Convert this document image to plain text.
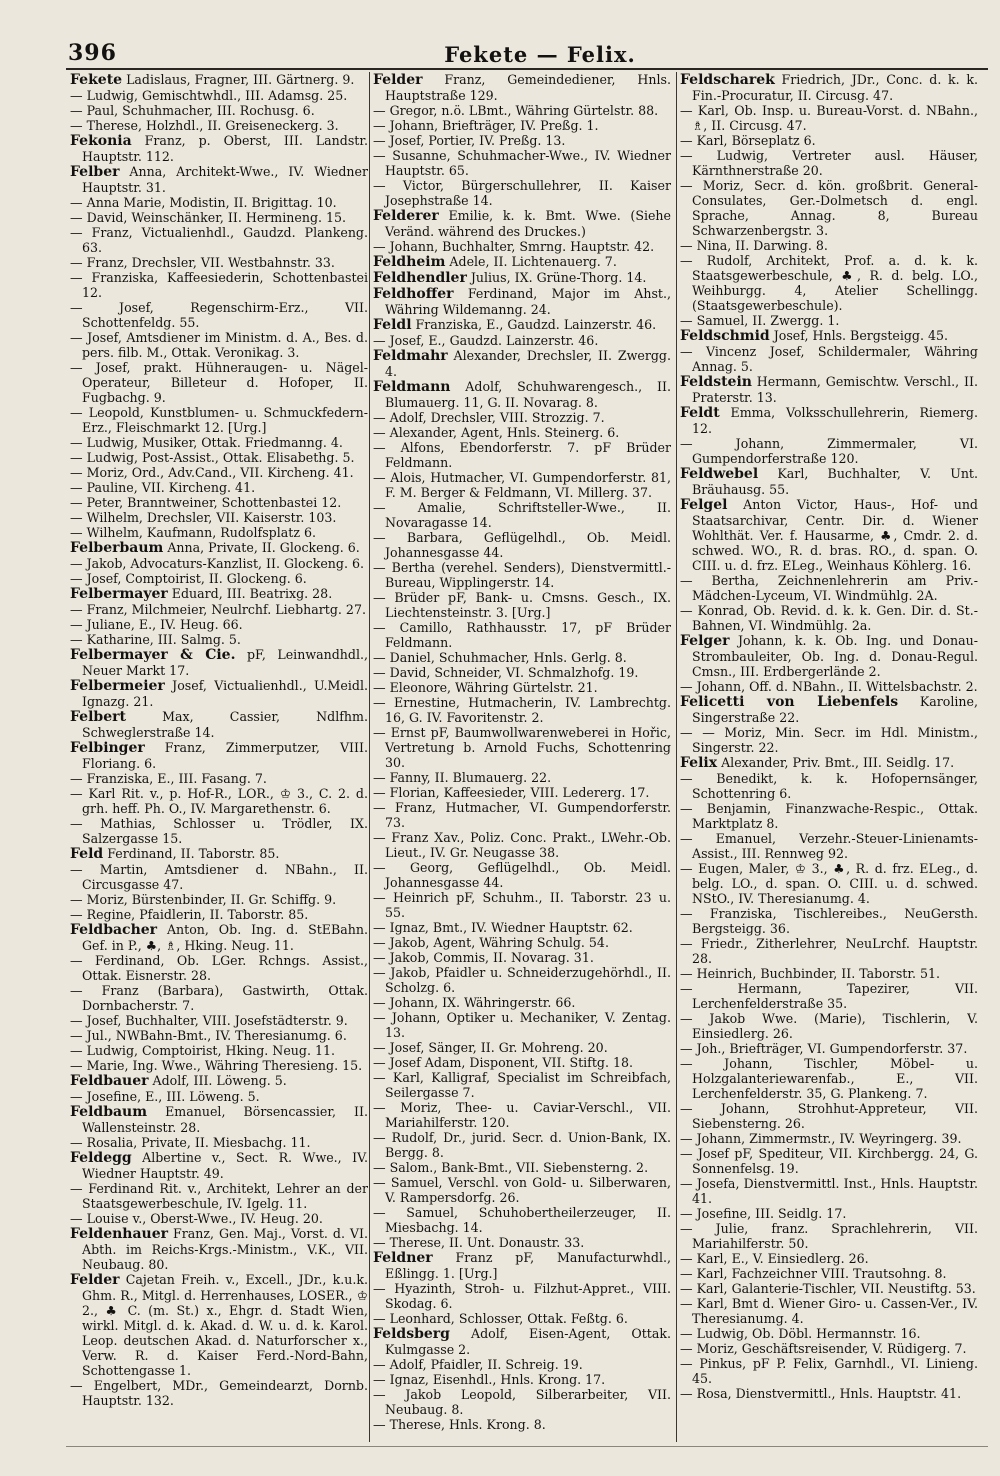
396	Fekete — Felix.
Fekete Ladislaus, Fragner, III. Gärtnerg. 9.
— Ludwig, Gemischtwhdl., III. Adamsg. 25.
— Paul, Schuhmacher, III. Rochusg. 6.
— Therese, Holzhdl., II. Greiseneckerg. 3.
Fekonia Franz, p. Oberst, III. Landstr. Hauptstr. 112.
Felber Anna, Architekt-Wwe., IV. Wiedner Hauptstr. 31.
— Anna Marie, Modistin, II. Brigittag. 10.
— David, Weinschänker, II. Hermineng. 15.
— Franz, Victualienhdl., Gaudzd. Plankeng. 63.
— Franz, Drechsler, VII. Westbahnstr. 33.
— Franziska, Kaffeesiederin, Schottenbastei 12.
— Josef, Regenschirm-Erz., VII. Schottenfeldg. 55.
— Josef, Amtsdiener im Ministm. d. A., Bes. d. pers. filb. M., Ottak. Veronikag. 3.
— Josef, prakt. Hühneraugen- u. Nägel-Operateur, Billeteur d. Hofoper, II. Fugbachg. 9.
— Leopold, Kunstblumen- u. Schmuckfedern-Erz., Fleischmarkt 12. [Urg.]
— Ludwig, Musiker, Ottak. Friedmanng. 4.
— Ludwig, Post-Assist., Ottak. Elisabethg. 5.
— Moriz, Ord., Adv.Cand., VII. Kircheng. 41.
— Pauline, VII. Kircheng. 41.
— Peter, Branntweiner, Schottenbastei 12.
— Wilhelm, Drechsler, VII. Kaiserstr. 103.
— Wilhelm, Kaufmann, Rudolfsplatz 6.
Felberbaum Anna, Private, II. Glockeng. 6.
— Jakob, Advocaturs-Kanzlist, II. Glockeng. 6.
— Josef, Comptoirist, II. Glockeng. 6.
Felbermayer Eduard, III. Beatrixg. 28.
— Franz, Milchmeier, Neulrchf. Liebhartg. 27.
— Juliane, E., IV. Heug. 66.
— Katharine, III. Salmg. 5.
Felbermayer & Cie. pF, Leinwandhdl., Neuer Markt 17.
Felbermeier Josef, Victualienhdl., U.Meidl. Ignazg. 21.
Felbert Max, Cassier, Ndlfhm. Schweglerstraße 14.
Felbinger Franz, Zimmerputzer, VIII. Floriang. 6.
— Franziska, E., III. Fasang. 7.
— Karl Rit. v., p. Hof-R., LOR., ♔ 3., C. 2. d. grh. heff. Ph. O., IV. Margarethenstr. 6.
— Mathias, Schlosser u. Trödler, IX. Salzergasse 15.
Feld Ferdinand, II. Taborstr. 85.
— Martin, Amtsdiener d. NBahn., II. Circusgasse 47.
— Moriz, Bürstenbinder, II. Gr. Schiffg. 9.
— Regine, Pfaidlerin, II. Taborstr. 85.
Feldbacher Anton, Ob. Ing. d. StEBahn. Gef. in P., ♣, ♗, Hking. Neug. 11.
— Ferdinand, Ob. LGer. Rchngs. Assist., Ottak. Eisnerstr. 28.
— Franz (Barbara), Gastwirth, Ottak. Dornbacherstr. 7.
— Josef, Buchhalter, VIII. Josefstädterstr. 9.
— Jul., NWBahn-Bmt., IV. Theresianumg. 6.
— Ludwig, Comptoirist, Hking. Neug. 11.
— Marie, Ing. Wwe., Währing Theresieng. 15.
Feldbauer Adolf, III. Löweng. 5.
— Josefine, E., III. Löweng. 5.
Feldbaum Emanuel, Börsencassier, II. Wallensteinstr. 28.
— Rosalia, Private, II. Miesbachg. 11.
Feldegg Albertine v., Sect. R. Wwe., IV. Wiedner Hauptstr. 49.
— Ferdinand Rit. v., Architekt, Lehrer an der Staatsgewerbeschule, IV. Igelg. 11.
— Louise v., Oberst-Wwe., IV. Heug. 20.
Feldenhauer Franz, Gen. Maj., Vorst. d. VI. Abth. im Reichs-Krgs.-Ministm., V.K., VII. Neubaug. 80.
Felder Cajetan Freih. v., Excell., JDr., k.u.k. Ghm. R., Mitgl. d. Herrenhauses, LOSER., ♔ 2., ♣ C. (m. St.) x., Ehgr. d. Stadt Wien, wirkl. Mitgl. d. k. Akad. d. W. u. d. k. Karol. Leop. deutschen Akad. d. Naturforscher x., Verw. R. d. Kaiser Ferd.-Nord-Bahn, Schottengasse 1.
— Engelbert, MDr., Gemeindearzt, Dornb. Hauptstr. 132.
Felder Franz, Gemeindediener, Hnls. Hauptstraße 129.
— Gregor, n.ö. LBmt., Währing Gürtelstr. 88.
— Johann, Briefträger, IV. Preßg. 1.
— Josef, Portier, IV. Preßg. 13.
— Susanne, Schuhmacher-Wwe., IV. Wiedner Hauptstr. 65.
— Victor, Bürgerschullehrer, II. Kaiser Josephstraße 14.
Felderer Emilie, k. k. Bmt. Wwe. (Siehe Veränd. während des Druckes.)
— Johann, Buchhalter, Smrng. Hauptstr. 42.
Feldheim Adele, II. Lichtenauerg. 7.
Feldhendler Julius, IX. Grüne-Thorg. 14.
Feldhoffer Ferdinand, Major im Ahst., Währing Wildemanng. 24.
Feldl Franziska, E., Gaudzd. Lainzerstr. 46.
— Josef, E., Gaudzd. Lainzerstr. 46.
Feldmahr Alexander, Drechsler, II. Zwergg. 4.
Feldmann Adolf, Schuhwarengesch., II. Blumauerg. 11, G. II. Novarag. 8.
— Adolf, Drechsler, VIII. Strozzig. 7.
— Alexander, Agent, Hnls. Steinerg. 6.
— Alfons, Ebendorferstr. 7. pF Brüder Feldmann.
— Alois, Hutmacher, VI. Gumpendorferstr. 81, F. M. Berger & Feldmann, VI. Millerg. 37.
— Amalie, Schriftsteller-Wwe., II. Novaragasse 14.
— Barbara, Geflügelhdl., Ob. Meidl. Johannesgasse 44.
— Bertha (verehel. Senders), Dienstvermittl.-Bureau, Wipplingerstr. 14.
— Brüder pF, Bank- u. Cmsns. Gesch., IX. Liechtensteinstr. 3. [Urg.]
— Camillo, Rathhausstr. 17, pF Brüder Feldmann.
— Daniel, Schuhmacher, Hnls. Gerlg. 8.
— David, Schneider, VI. Schmalzhofg. 19.
— Eleonore, Währing Gürtelstr. 21.
— Ernestine, Hutmacherin, IV. Lambrechtg. 16, G. IV. Favoritenstr. 2.
— Ernst pF, Baumwollwarenweberei in Hořic, Vertretung b. Arnold Fuchs, Schottenring 30.
— Fanny, II. Blumauerg. 22.
— Florian, Kaffeesieder, VIII. Ledererg. 17.
— Franz, Hutmacher, VI. Gumpendorferstr. 73.
— Franz Xav., Poliz. Conc. Prakt., LWehr.-Ob. Lieut., IV. Gr. Neugasse 38.
— Georg, Geflügelhdl., Ob. Meidl. Johannesgasse 44.
— Heinrich pF, Schuhm., II. Taborstr. 23 u. 55.
— Ignaz, Bmt., IV. Wiedner Hauptstr. 62.
— Jakob, Agent, Währing Schulg. 54.
— Jakob, Commis, II. Novarag. 31.
— Jakob, Pfaidler u. Schneiderzugehörhdl., II. Scholzg. 6.
— Johann, IX. Währingerstr. 66.
— Johann, Optiker u. Mechaniker, V. Zentag. 13.
— Josef, Sänger, II. Gr. Mohreng. 20.
— Josef Adam, Disponent, VII. Stiftg. 18.
— Karl, Kalligraf, Specialist im Schreibfach, Seilergasse 7.
— Moriz, Thee- u. Caviar-Verschl., VII. Mariahilferstr. 120.
— Rudolf, Dr., jurid. Secr. d. Union-Bank, IX. Bergg. 8.
— Salom., Bank-Bmt., VII. Siebensterng. 2.
— Samuel, Verschl. von Gold- u. Silberwaren, V. Rampersdorfg. 26.
— Samuel, Schuhobertheilerzeuger, II. Miesbachg. 14.
— Therese, II. Unt. Donaustr. 33.
Feldner Franz pF, Manufacturwhdl., Eßlingg. 1. [Urg.]
— Hyazinth, Stroh- u. Filzhut-Appret., VIII. Skodag. 6.
— Leonhard, Schlosser, Ottak. Feßtg. 6.
Feldsberg Adolf, Eisen-Agent, Ottak. Kulmgasse 2.
— Adolf, Pfaidler, II. Schreig. 19.
— Ignaz, Eisenhdl., Hnls. Krong. 17.
— Jakob Leopold, Silberarbeiter, VII. Neubaug. 8.
— Therese, Hnls. Krong. 8.
Feldscharek Friedrich, JDr., Conc. d. k. k. Fin.-Procuratur, II. Circusg. 47.
— Karl, Ob. Insp. u. Bureau-Vorst. d. NBahn., ♗, II. Circusg. 47.
— Karl, Börseplatz 6.
— Ludwig, Vertreter ausl. Häuser, Kärnthnerstraße 20.
— Moriz, Secr. d. kön. großbrit. General-Consulates, Ger.-Dolmetsch d. engl. Sprache, Annag. 8, Bureau Schwarzenbergstr. 3.
— Nina, II. Darwing. 8.
— Rudolf, Architekt, Prof. a. d. k. k. Staatsgewerbeschule, ♣, R. d. belg. LO., Weihburgg. 4, Atelier Schellingg. (Staatsgewerbeschule).
— Samuel, II. Zwergg. 1.
Feldschmid Josef, Hnls. Bergsteigg. 45.
— Vincenz Josef, Schildermaler, Währing Annag. 5.
Feldstein Hermann, Gemischtw. Verschl., II. Praterstr. 13.
Feldt Emma, Volksschullehrerin, Riemerg. 12.
— Johann, Zimmermaler, VI. Gumpendorferstraße 120.
Feldwebel Karl, Buchhalter, V. Unt. Bräuhausg. 55.
Felgel Anton Victor, Haus-, Hof- und Staatsarchivar, Centr. Dir. d. Wiener Wohlthät. Ver. f. Hausarme, ♣, Cmdr. 2. d. schwed. WO., R. d. bras. RO., d. span. O. CIII. u. d. frz. ELeg., Weinhaus Köhlerg. 16.
— Bertha, Zeichnenlehrerin am Priv.-Mädchen-Lyceum, VI. Windmühlg. 2A.
— Konrad, Ob. Revid. d. k. k. Gen. Dir. d. St.-Bahnen, VI. Windmühlg. 2a.
Felger Johann, k. k. Ob. Ing. und Donau-Strombauleiter, Ob. Ing. d. Donau-Regul. Cmsn., III. Erdbergerlände 2.
— Johann, Off. d. NBahn., II. Wittelsbachstr. 2.
Felicetti von Liebenfels Karoline, Singerstraße 22.
— — Moriz, Min. Secr. im Hdl. Ministm., Singerstr. 22.
Felix Alexander, Priv. Bmt., III. Seidlg. 17.
— Benedikt, k. k. Hofopernsänger, Schottenring 6.
— Benjamin, Finanzwache-Respic., Ottak. Marktplatz 8.
— Emanuel, Verzehr.-Steuer-Linienamts-Assist., III. Rennweg 92.
— Eugen, Maler, ♔ 3., ♣, R. d. frz. ELeg., d. belg. LO., d. span. O. CIII. u. d. schwed. NStO., IV. Theresianumg. 4.
— Franziska, Tischlereibes., NeuGersth. Bergsteigg. 36.
— Friedr., Zitherlehrer, NeuLrchf. Hauptstr. 28.
— Heinrich, Buchbinder, II. Taborstr. 51.
— Hermann, Tapezirer, VII. Lerchenfelderstraße 35.
— Jakob Wwe. (Marie), Tischlerin, V. Einsiedlerg. 26.
— Joh., Briefträger, VI. Gumpendorferstr. 37.
— Johann, Tischler, Möbel- u. Holzgalanteriewarenfab., E., VII. Lerchenfelderstr. 35, G. Plankeng. 7.
— Johann, Strohhut-Appreteur, VII. Siebensterng. 26.
— Johann, Zimmermstr., IV. Weyringerg. 39.
— Josef pF, Spediteur, VII. Kirchbergg. 24, G. Sonnenfelsg. 19.
— Josefa, Dienstvermittl. Inst., Hnls. Hauptstr. 41.
— Josefine, III. Seidlg. 17.
— Julie, franz. Sprachlehrerin, VII. Mariahilferstr. 50.
— Karl, E., V. Einsiedlerg. 26.
— Karl, Fachzeichner VIII. Trautsohng. 8.
— Karl, Galanterie-Tischler, VII. Neustiftg. 53.
— Karl, Bmt d. Wiener Giro- u. Cassen-Ver., IV. Theresianumg. 4.
— Ludwig, Ob. Döbl. Hermannstr. 16.
— Moriz, Geschäftsreisender, V. Rüdigerg. 7.
— Pinkus, pF P. Felix, Garnhdl., VI. Linieng. 45.
— Rosa, Dienstvermittl., Hnls. Hauptstr. 41.
